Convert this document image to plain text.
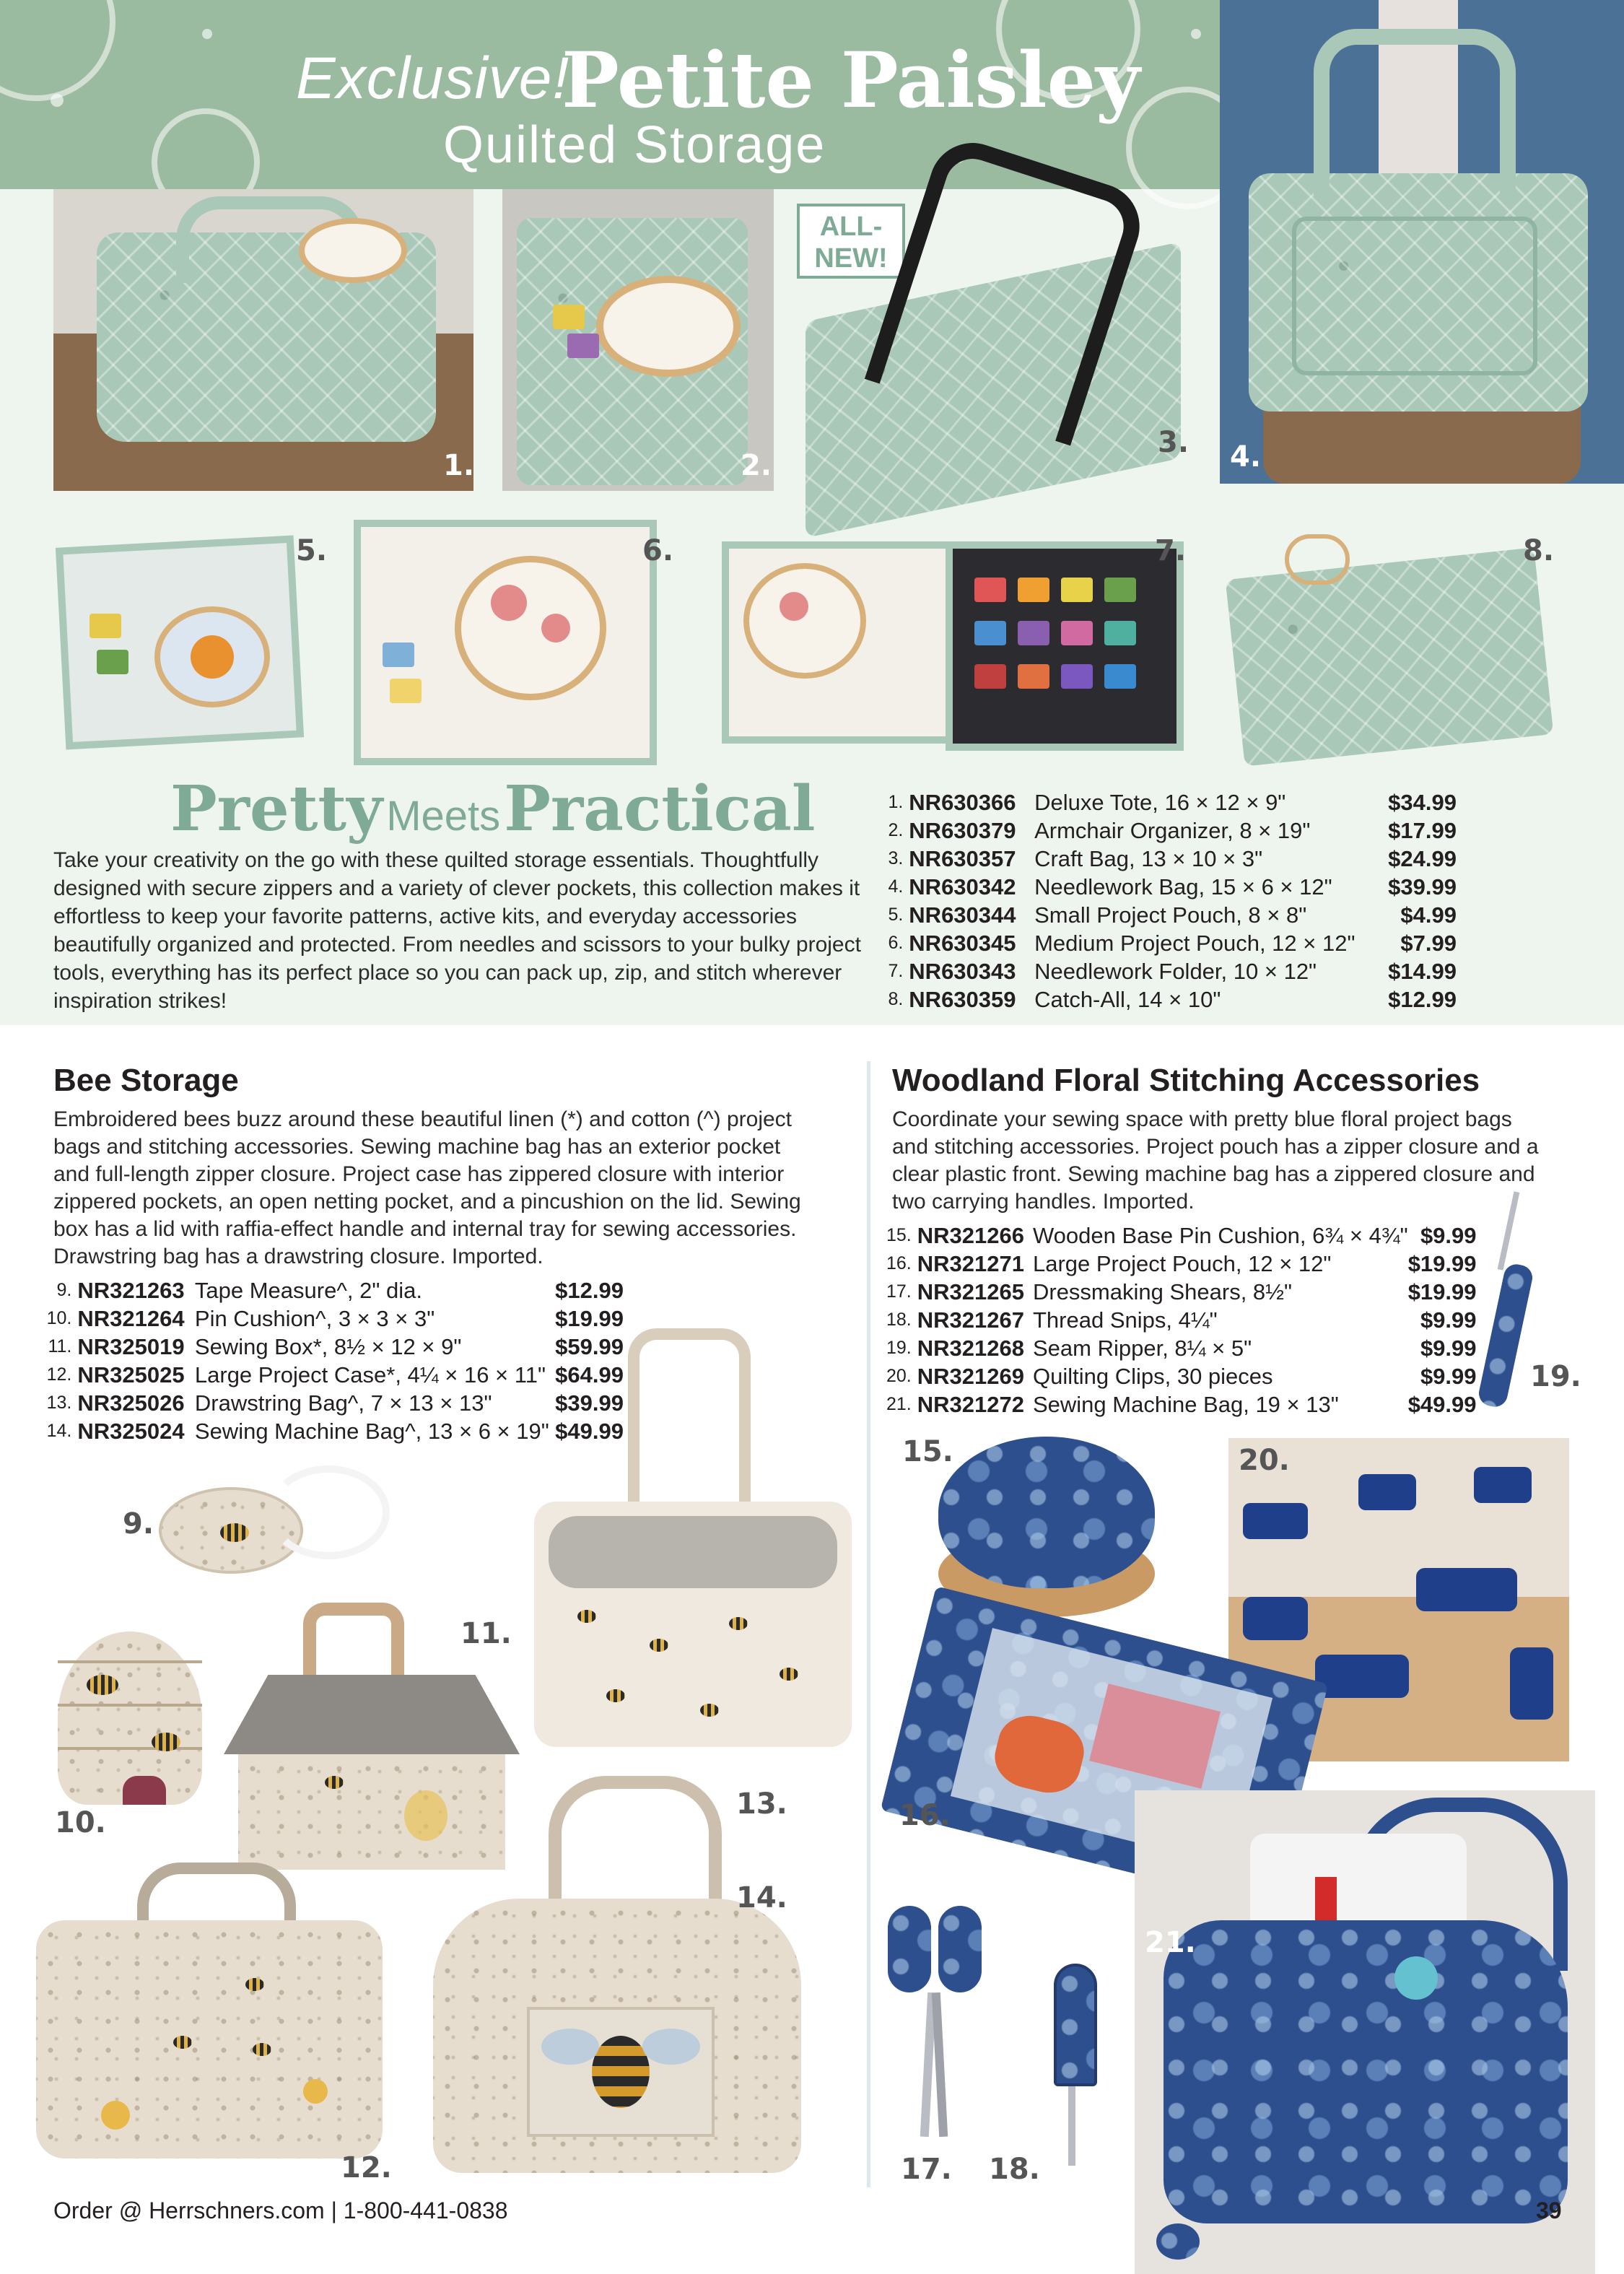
Exclusive!
Petite Paisley
Quilted Storage
1.	2.
ALL-
NEW!
3. 4.
5.	6.	7.	8.
Pretty Meets Practical

Take your creativity on the go with these quilted storage essentials. Thoughtfully designed with secure zippers and a variety of clever pockets, this collection makes it effortless to keep your favorite patterns, active kits, and everyday accessories beautifully organized and protected. From needles and scissors to your bulky project tools, everything has its perfect place so you can pack up, zip, and stitch wherever inspiration strikes!

1.	NR630366	Deluxe Tote, 16 × 12 × 9"	$34.99
2.	NR630379	Armchair Organizer, 8 × 19"	$17.99
3.	NR630357	Craft Bag, 13 × 10 × 3"	$24.99
4.	NR630342	Needlework Bag, 15 × 6 × 12"	$39.99
5.	NR630344	Small Project Pouch, 8 × 8"	$4.99
6.	NR630345	Medium Project Pouch, 12 × 12"	$7.99
7.	NR630343	Needlework Folder, 10 × 12"	$14.99
8.	NR630359	Catch-All, 14 × 10"	$12.99
Bee Storage

Embroidered bees buzz around these beautiful linen (*) and cotton (^) project bags and stitching accessories. Sewing machine bag has an exterior pocket and full-length zipper closure. Project case has zippered closure with interior zippered pockets, an open netting pocket, and a pincushion on the lid. Sewing box has a lid with raffia-effect handle and internal tray for sewing accessories. Drawstring bag has a drawstring closure. Imported.

9.	NR321263	Tape Measure^, 2" dia.	$12.99
10.	NR321264	Pin Cushion^, 3 × 3 × 3"	$19.99
11.	NR325019	Sewing Box*, 8½ × 12 × 9"	$59.99
12.	NR325025	Large Project Case*, 4¼ × 16 × 11"	$64.99
13.	NR325026	Drawstring Bag^, 7 × 13 × 13"	$39.99
14.	NR325024	Sewing Machine Bag^, 13 × 6 × 19"	$49.99
9.
10.
11.
12.
13.
14.
Woodland Floral Stitching Accessories

Coordinate your sewing space with pretty blue floral project bags and stitching accessories. Project pouch has a zipper closure and a clear plastic front. Sewing machine bag has a zippered closure and two carrying handles. Imported.

15.	NR321266	Wooden Base Pin Cushion, 6¾ × 4¾"	$9.99
16.	NR321271	Large Project Pouch, 12 × 12"	$19.99
17.	NR321265	Dressmaking Shears, 8½"	$19.99
18.	NR321267	Thread Snips, 4¼"	$9.99
19.	NR321268	Seam Ripper, 8¼ × 5"	$9.99
20.	NR321269	Quilting Clips, 30 pieces	$9.99
21.	NR321272	Sewing Machine Bag, 19 × 13"	$49.99
19.
15.	20.
16.
17. 18.
21.
Order @ Herrschners.com | 1-800-441-0838	39
